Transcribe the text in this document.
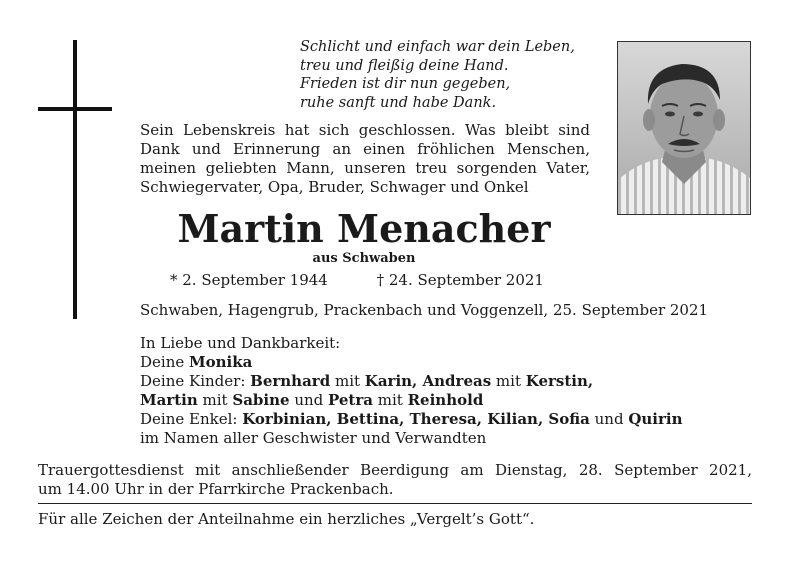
Schlicht und einfach war dein Leben,
treu und fleißig deine Hand.
Frieden ist dir nun gegeben,
ruhe sanft und habe Dank.
Sein Lebenskreis hat sich geschlossen. Was bleibt sind Dank und Erinnerung an einen fröhlichen Menschen, meinen geliebten Mann, unseren treu sorgenden Vater, Schwiegervater, Opa, Bruder, Schwager und Onkel
Martin Menacher
aus Schwaben
* 2. September 1944	† 24. September 2021
Schwaben, Hagengrub, Prackenbach und Voggenzell, 25. September 2021
In Liebe und Dankbarkeit:
Deine Monika
Deine Kinder: Bernhard mit Karin, Andreas mit Kerstin,
Martin mit Sabine und Petra mit Reinhold
Deine Enkel: Korbinian, Bettina, Theresa, Kilian, Sofia und Quirin
im Namen aller Geschwister und Verwandten
Trauergottesdienst mit anschließender Beerdigung am Dienstag, 28. September 2021,
um 14.00 Uhr in der Pfarrkirche Prackenbach.
Für alle Zeichen der Anteilnahme ein herzliches „Vergelt’s Gott“.
